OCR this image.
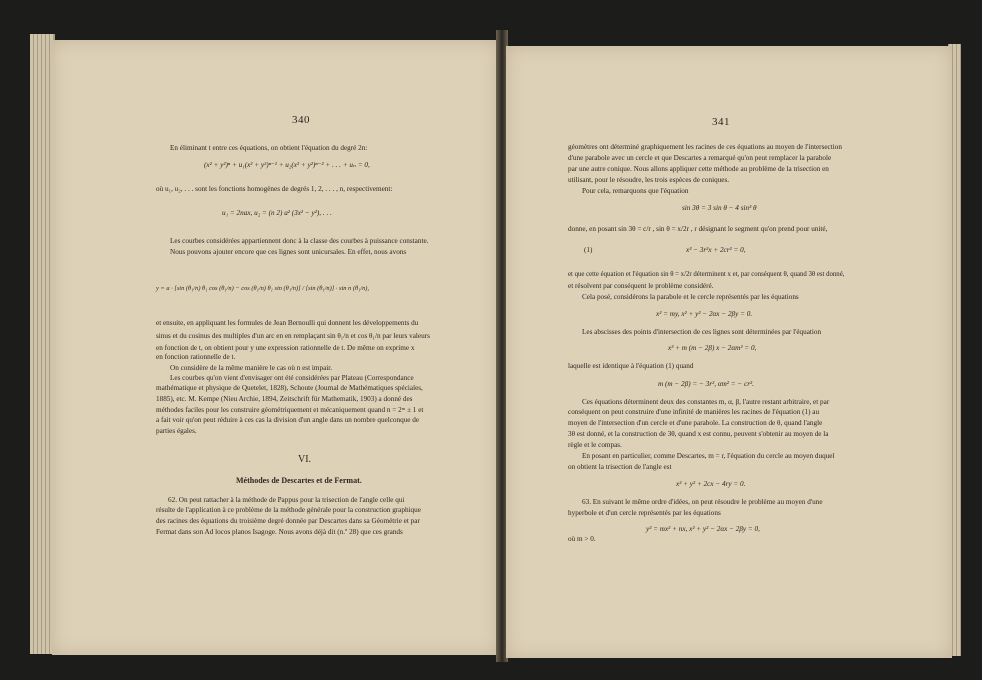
340
En éliminant t entre ces équations, on obtient l'équation du degré 2n:
(x² + y²)ⁿ + u₁(x² + y²)ⁿ⁻¹ + u₂(x² + y²)ⁿ⁻² + . . . + uₙ = 0,
où u₁, u₂, . . . sont les fonctions homogènes de degrés 1, 2, . . . , n, respectivement:
u₁ = 2nax, u₂ = (n 2) a² (3x² − y²), . . .
Les courbes considérées appartiennent donc à la classe des courbes à puissance constante.
Nous pouvons ajouter encore que ces lignes sont unicursales. En effet, nous avons
y = a · [sin (θ₁/n) θ₁ cos (θ₁/n) − cos (θ₁/n) θ₁ sin (θ₁/n)] / [sin (θ₁/n)] · sin n (θ₁/n),
et ensuite, en appliquant les formules de Jean Bernoulli qui donnent les développements du
sinus et du cosinus des multiples d'un arc en en remplaçant sin θ₁/n et cos θ₁/n par leurs valeurs
en fonction de t, on obtient pour y une expression rationnelle de t. De même on exprime x
en fonction rationnelle de t.
On considère de la même manière le cas où n est impair.
Les courbes qu'on vient d'envisager ont été considérées par Plateau (Correspondance
mathématique et physique de Quetelet, 1828), Schoute (Journal de Mathématiques spéciales,
1885), etc. M. Kempe (Nieu Archie, 1894, Zeitschrift für Mathematik, 1903) a donné des
méthodes faciles pour les construire géométriquement et mécaniquement quand n = 2ᵐ ± 1 et
a fait voir qu'on peut réduire à ces cas la division d'un angle dans un nombre quelconque de
parties égales.
VI.
Méthodes de Descartes et de Fermat.
62. On peut rattacher à la méthode de Pappus pour la trisection de l'angle celle qui
résulte de l'application à ce problème de la méthode générale pour la construction graphique
des racines des équations du troisième degré donnée par Descartes dans sa Géométrie et par
Fermat dans son Ad locos planos Isagoge. Nous avons déjà dit (n.º 28) que ces grands
341
géomètres ont déterminé graphiquement les racines de ces équations au moyen de l'intersection
d'une parabole avec un cercle et que Descartes a remarqué qu'on peut remplacer la parabole
par une autre conique. Nous allons appliquer cette méthode au problème de la trisection en
utilisant, pour le résoudre, les trois espèces de coniques.
Pour cela, remarquons que l'équation
sin 3θ = 3 sin θ − 4 sin³ θ
donne, en posant sin 3θ = c/r , sin θ = x/2r , r désignant le segment qu'on prend pour unité,
(1)	x³ − 3r²x + 2cr² = 0,
et que cette équation et l'équation sin θ = x/2r déterminent x et, par conséquent θ, quand 3θ est donné,
et résolvent par conséquent le problème considéré.
Cela posé, considérons la parabole et le cercle représentés par les équations
x² = my, x² + y² − 2αx − 2βy = 0.
Les abscisses des points d'intersection de ces lignes sont déterminées par l'équation
x³ + m (m − 2β) x − 2αm² = 0,
laquelle est identique à l'équation (1) quand
m (m − 2β) = − 3r², αm² = − cr².
Ces équations déterminent deux des constantes m, α, β, l'autre restant arbitraire, et par
conséquent on peut construire d'une infinité de manières les racines de l'équation (1) au
moyen de l'intersection d'un cercle et d'une parabole. La construction de θ, quand l'angle
3θ est donné, et la construction de 3θ, quand x est connu, peuvent s'obtenir au moyen de la
règle et le compas.
En posant en particulier, comme Descartes, m = r, l'équation du cercle au moyen duquel
on obtient la trisection de l'angle est
x² + y² + 2cx − 4ry = 0.
63. En suivant le même ordre d'idées, on peut résoudre le problème au moyen d'une
hyperbole et d'un cercle représentés par les équations
y² = mx² + nx, x² + y² − 2αx − 2βy = 0,
où m > 0.
